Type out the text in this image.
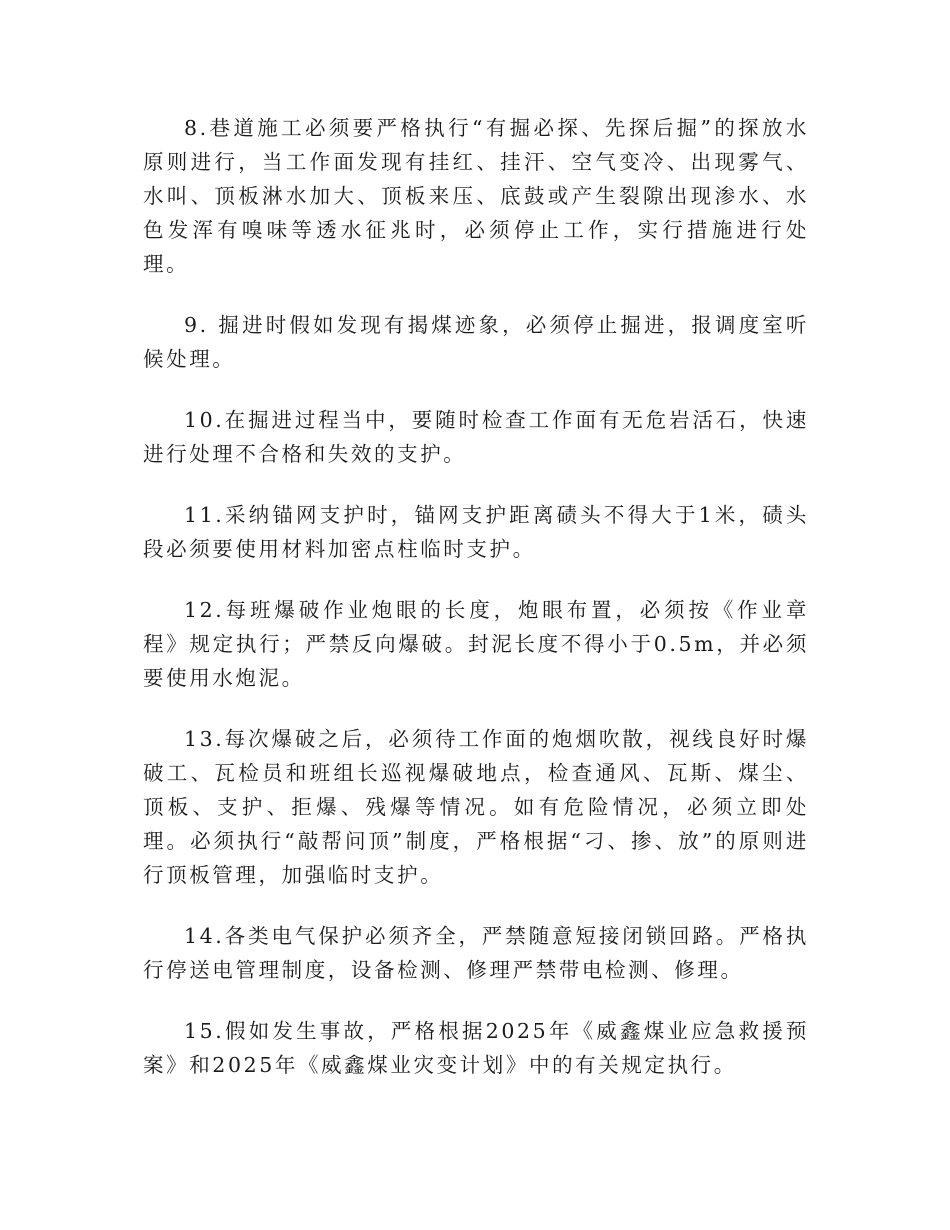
8.巷道施工必须要严格执行“有掘必探、先探后掘”的探放水原则进行，当工作面发现有挂红、挂汗、空气变冷、出现雾气、水叫、顶板淋水加大、顶板来压、底鼓或产生裂隙出现渗水、水色发浑有嗅味等透水征兆时，必须停止工作，实行措施进行处理。

9. 掘进时假如发现有揭煤迹象，必须停止掘进，报调度室听候处理。

10.在掘进过程当中，要随时检查工作面有无危岩活石，快速进行处理不合格和失效的支护。

11.采纳锚网支护时，锚网支护距离碛头不得大于1米，碛头段必须要使用材料加密点柱临时支护。

12.每班爆破作业炮眼的长度，炮眼布置，必须按《作业章程》规定执行；严禁反向爆破。封泥长度不得小于0.5m，并必须要使用水炮泥。

13.每次爆破之后，必须待工作面的炮烟吹散，视线良好时爆破工、瓦检员和班组长巡视爆破地点，检查通风、瓦斯、煤尘、顶板、支护、拒爆、残爆等情况。如有危险情况，必须立即处理。必须执行“敲帮问顶”制度，严格根据“刁、掺、放”的原则进行顶板管理，加强临时支护。

14.各类电气保护必须齐全，严禁随意短接闭锁回路。严格执行停送电管理制度，设备检测、修理严禁带电检测、修理。

15.假如发生事故，严格根据2025年《威鑫煤业应急救援预案》和2025年《威鑫煤业灾变计划》中的有关规定执行。
